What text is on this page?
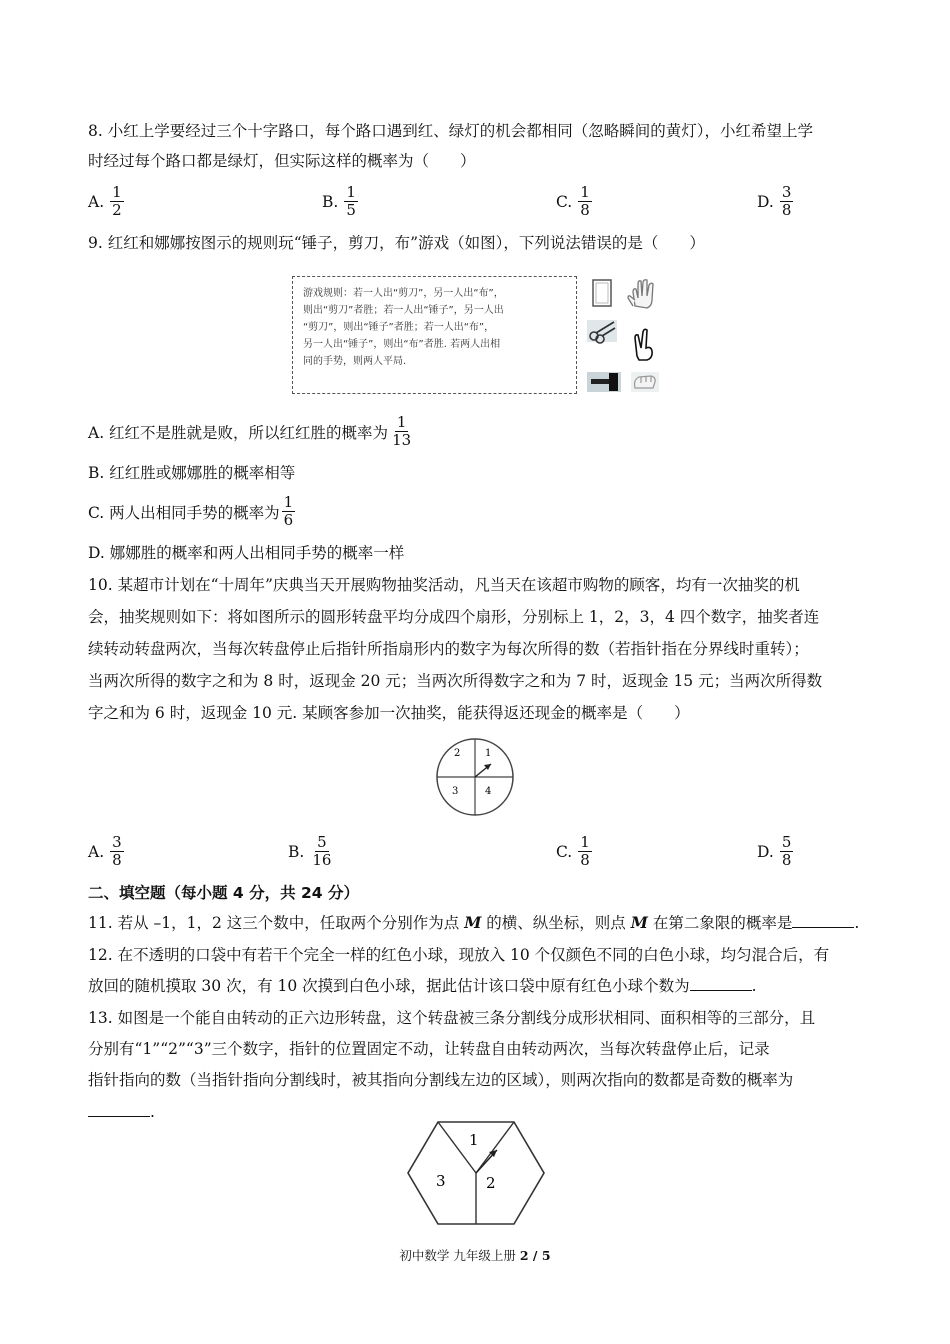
8. 小红上学要经过三个十字路口，每个路口遇到红、绿灯的机会都相同（忽略瞬间的黄灯），小红希望上学
时经过每个路口都是绿灯，但实际这样的概率为（　　）
A. $\frac{1}{2}$	B. $\frac{1}{5}$	C. $\frac{1}{8}$	D. $\frac{3}{8}$
9. 红红和娜娜按图示的规则玩“锤子，剪刀，布”游戏（如图），下列说法错误的是（　　）
游戏规则：若一人出“剪刀”，另一人出“布”，
则出“剪刀”者胜；若一人出“锤子”，另一人出
“剪刀”，则出“锤子”者胜；若一人出“布”，
另一人出“锤子”，则出“布”者胜. 若两人出相
同的手势，则两人平局.
A. 红红不是胜就是败，所以红红胜的概率为 $\frac{1}{13}$
B. 红红胜或娜娜胜的概率相等
C. 两人出相同手势的概率为 $\frac{1}{6}$
D. 娜娜胜的概率和两人出相同手势的概率一样
10. 某超市计划在“十周年”庆典当天开展购物抽奖活动，凡当天在该超市购物的顾客，均有一次抽奖的机
会，抽奖规则如下：将如图所示的圆形转盘平均分成四个扇形，分别标上 1，2，3，4 四个数字，抽奖者连
续转动转盘两次，当每次转盘停止后指针所指扇形内的数字为每次所得的数（若指针指在分界线时重转）；
当两次所得的数字之和为 8 时，返现金 20 元；当两次所得数字之和为 7 时，返现金 15 元；当两次所得数
字之和为 6 时，返现金 10 元. 某顾客参加一次抽奖，能获得返还现金的概率是（　　）
2 1
3	4
A. $\frac{3}{8}$	B. $\frac{5}{16}$	C. $\frac{1}{8}$	D. $\frac{5}{8}$
二、填空题（每小题 4 分，共 24 分）
11. 若从 –1，1，2 这三个数中，任取两个分别作为点 M 的横、纵坐标，则点 M 在第二象限的概率是	.
12. 在不透明的口袋中有若干个完全一样的红色小球，现放入 10 个仅颜色不同的白色小球，均匀混合后，有
放回的随机摸取 30 次，有 10 次摸到白色小球，据此估计该口袋中原有红色小球个数为	.
13. 如图是一个能自由转动的正六边形转盘，这个转盘被三条分割线分成形状相同、面积相等的三部分，且
分别有“1”“2”“3”三个数字，指针的位置固定不动，让转盘自由转动两次，当每次转盘停止后，记录
指针指向的数（当指针指向分割线时，被其指向分割线左边的区域），则两次指向的数都是奇数的概率为
.
1
3	2
初中数学 九年级上册 2 / 5
